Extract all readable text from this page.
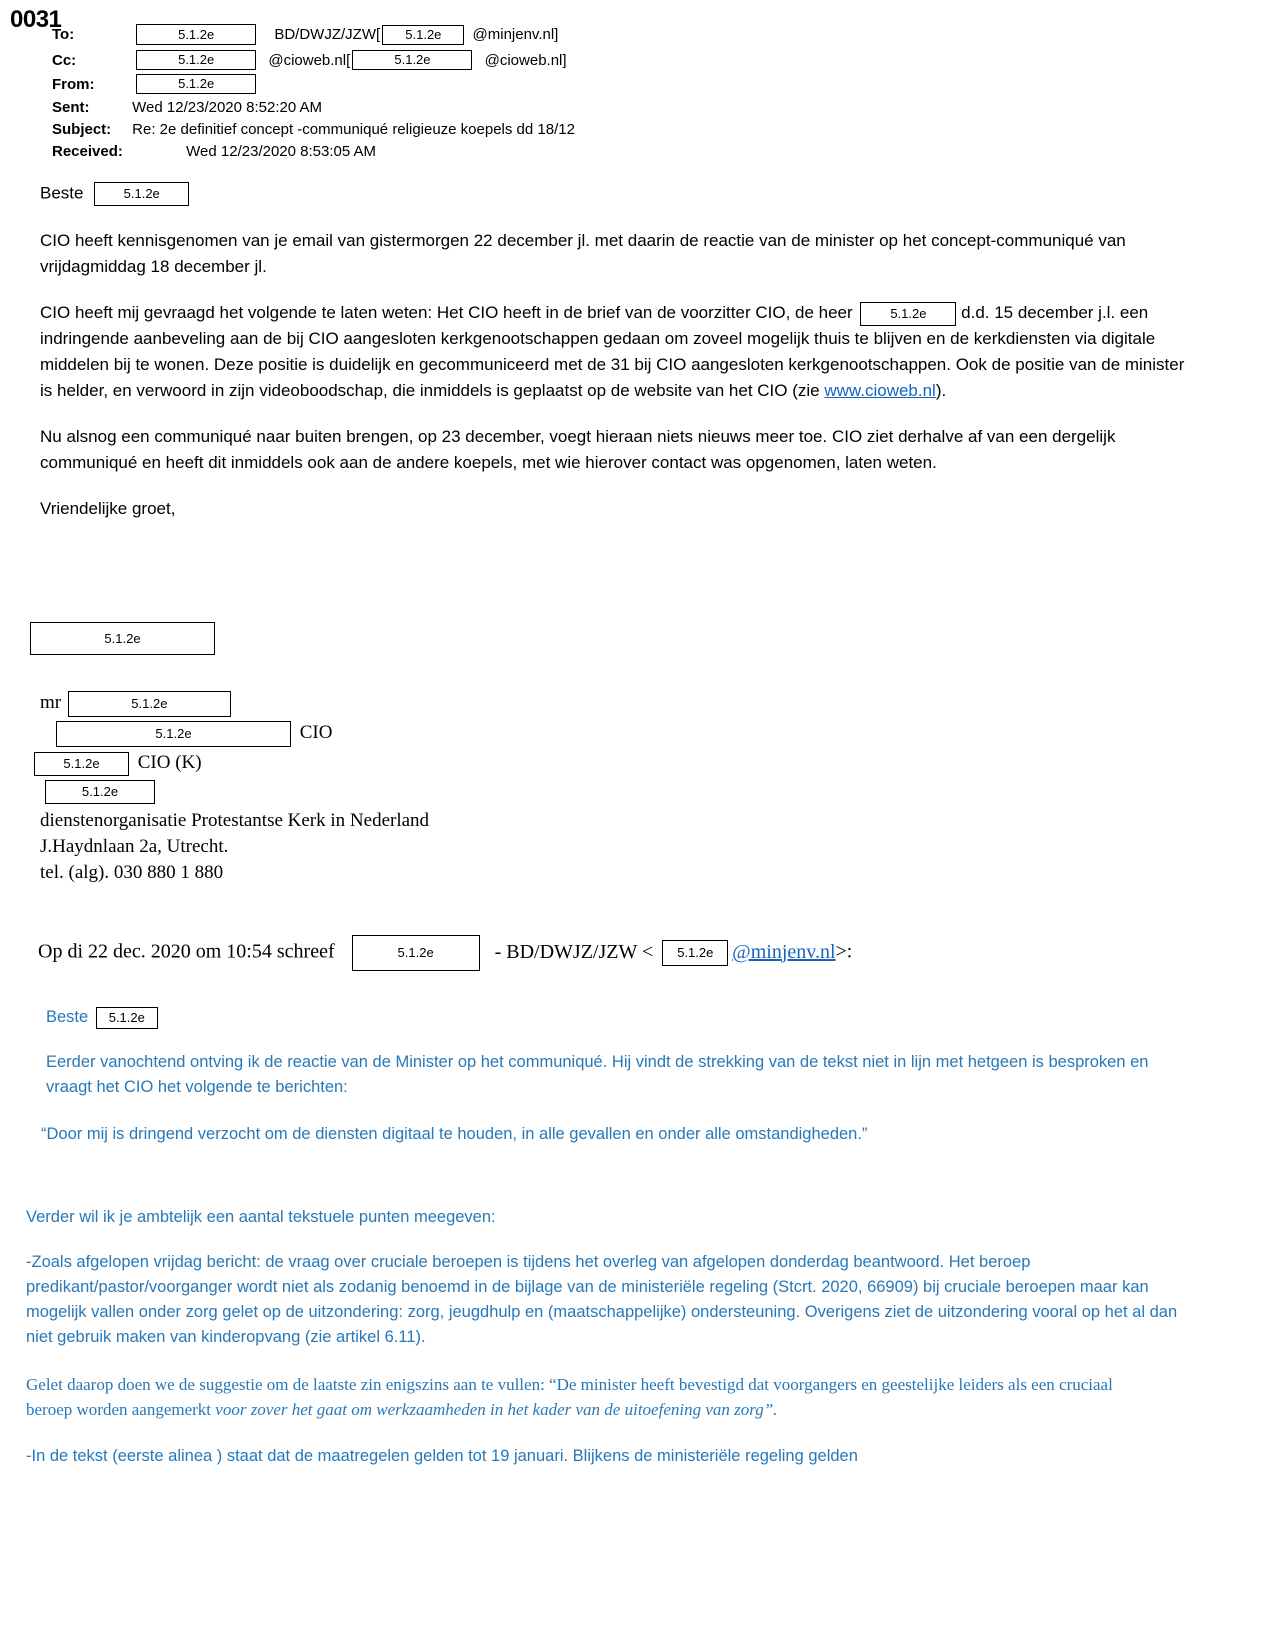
0031
To:	5.1.2e	BD/DWJZ/JZW[ 5.1.2e @minjenv.nl]
Cc:	5.1.2e	@cioweb.nl[	5.1.2e	@cioweb.nl]
From:	5.1.2e
Sent:	Wed 12/23/2020 8:52:20 AM
Subject: Re: 2e definitief concept -communiqué religieuze koepels dd 18/12
Received:	Wed 12/23/2020 8:53:05 AM
Beste	5.1.2e

CIO heeft kennisgenomen van je email van gistermorgen 22 december jl. met daarin de reactie van de minister op het concept-communiqué van vrijdagmiddag 18 december jl.

CIO heeft mij gevraagd het volgende te laten weten: Het CIO heeft in de brief van de voorzitter CIO, de heer	5.1.2e d.d. 15 december j.l. een indringende aanbeveling aan de bij CIO aangesloten kerkgenootschappen gedaan om zoveel mogelijk thuis te blijven en de kerkdiensten via digitale middelen bij te wonen. Deze positie is duidelijk en gecommuniceerd met de 31 bij CIO aangesloten kerkgenootschappen. Ook de positie van de minister is helder, en verwoord in zijn videoboodschap, die inmiddels is geplaatst op de website van het CIO (zie www.cioweb.nl).

Nu alsnog een communiqué naar buiten brengen, op 23 december, voegt hieraan niets nieuws meer toe. CIO ziet derhalve af van een dergelijk communiqué en heeft dit inmiddels ook aan de andere koepels, met wie hierover contact was opgenomen, laten weten.

Vriendelijke groet,

5.1.2e
mr	5.1.2e
5.1.2e	CIO
5.1.2e CIO (K)
5.1.2e
dienstenorganisatie Protestantse Kerk in Nederland
J.Haydnlaan 2a, Utrecht.
tel. (alg). 030 880 1 880
Op di 22 dec. 2020 om 10:54 schreef	5.1.2e	- BD/DWJZ/JZW < 5.1.2e @minjenv.nl>:
Beste 5.1.2e

Eerder vanochtend ontving ik de reactie van de Minister op het communiqué. Hij vindt de strekking van de tekst niet in lijn met hetgeen is besproken en vraagt het CIO het volgende te berichten:

“Door mij is dringend verzocht om de diensten digitaal te houden, in alle gevallen en onder alle omstandigheden.”

Verder wil ik je ambtelijk een aantal tekstuele punten meegeven:

-Zoals afgelopen vrijdag bericht: de vraag over cruciale beroepen is tijdens het overleg van afgelopen donderdag beantwoord. Het beroep predikant/pastor/voorganger wordt niet als zodanig benoemd in de bijlage van de ministeriële regeling (Stcrt. 2020, 66909) bij cruciale beroepen maar kan mogelijk vallen onder zorg gelet op de uitzondering: zorg, jeugdhulp en (maatschappelijke) ondersteuning. Overigens ziet de uitzondering vooral op het al dan niet gebruik maken van kinderopvang (zie artikel 6.11).

Gelet daarop doen we de suggestie om de laatste zin enigszins aan te vullen: “De minister heeft bevestigd dat voorgangers en geestelijke leiders als een cruciaal beroep worden aangemerkt voor zover het gaat om werkzaamheden in het kader van de uitoefening van zorg”.

-In de tekst (eerste alinea ) staat dat de maatregelen gelden tot 19 januari. Blijkens de ministeriële regeling gelden
